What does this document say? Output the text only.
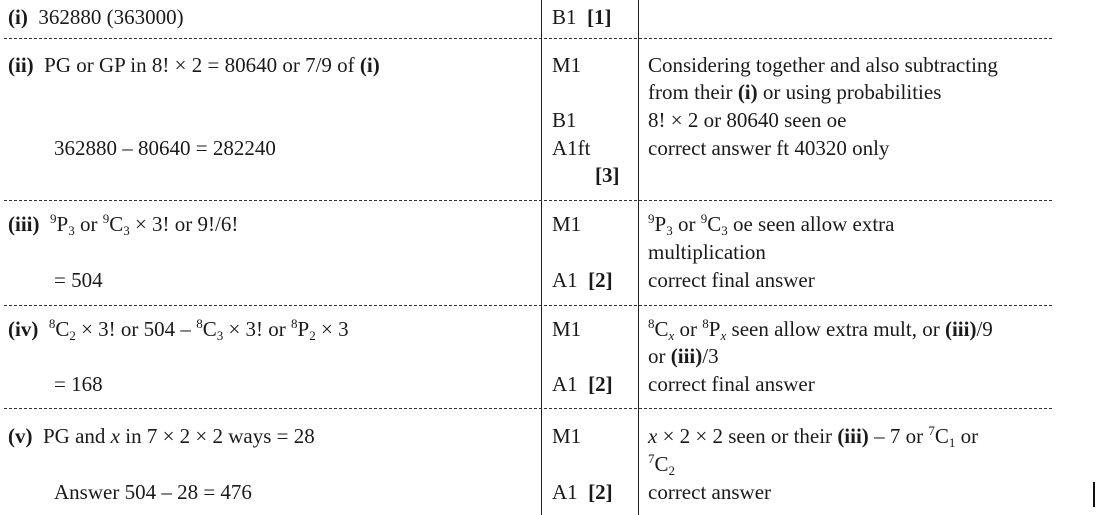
(i) 362880 (363000)	B1 [1]
(ii) PG or GP in 8! × 2 = 80640 or 7/9 of (i)
362880 – 80640 = 282240
M1
B1
A1ft
[3]
Considering together and also subtracting
from their (i) or using probabilities
8! × 2 or 80640 seen oe
correct answer ft 40320 only
(iii) $^9P_3$ or $^9C_3 \times 3$! or 9!/6!
= 504
M1
A1 [2]
$^9P_3$ or $^9C_3$ oe seen allow extra
multiplication
correct final answer
(iv) $^8C_2 \times 3$! or $504 - ^8C_3 \times 3$! or $^8P_2 \times 3$
= 168
M1
A1 [2]
$^8C_x$ or $^8P_x$ seen allow extra mult, or (iii)/9
or (iii)/3
correct final answer
(v) PG and x in 7 × 2 × 2 ways = 28
Answer 504 – 28 = 476
M1
A1 [2]
x × 2 × 2 seen or their (iii) – 7 or $^7C_1$ or
$^7C_2$
correct answer
